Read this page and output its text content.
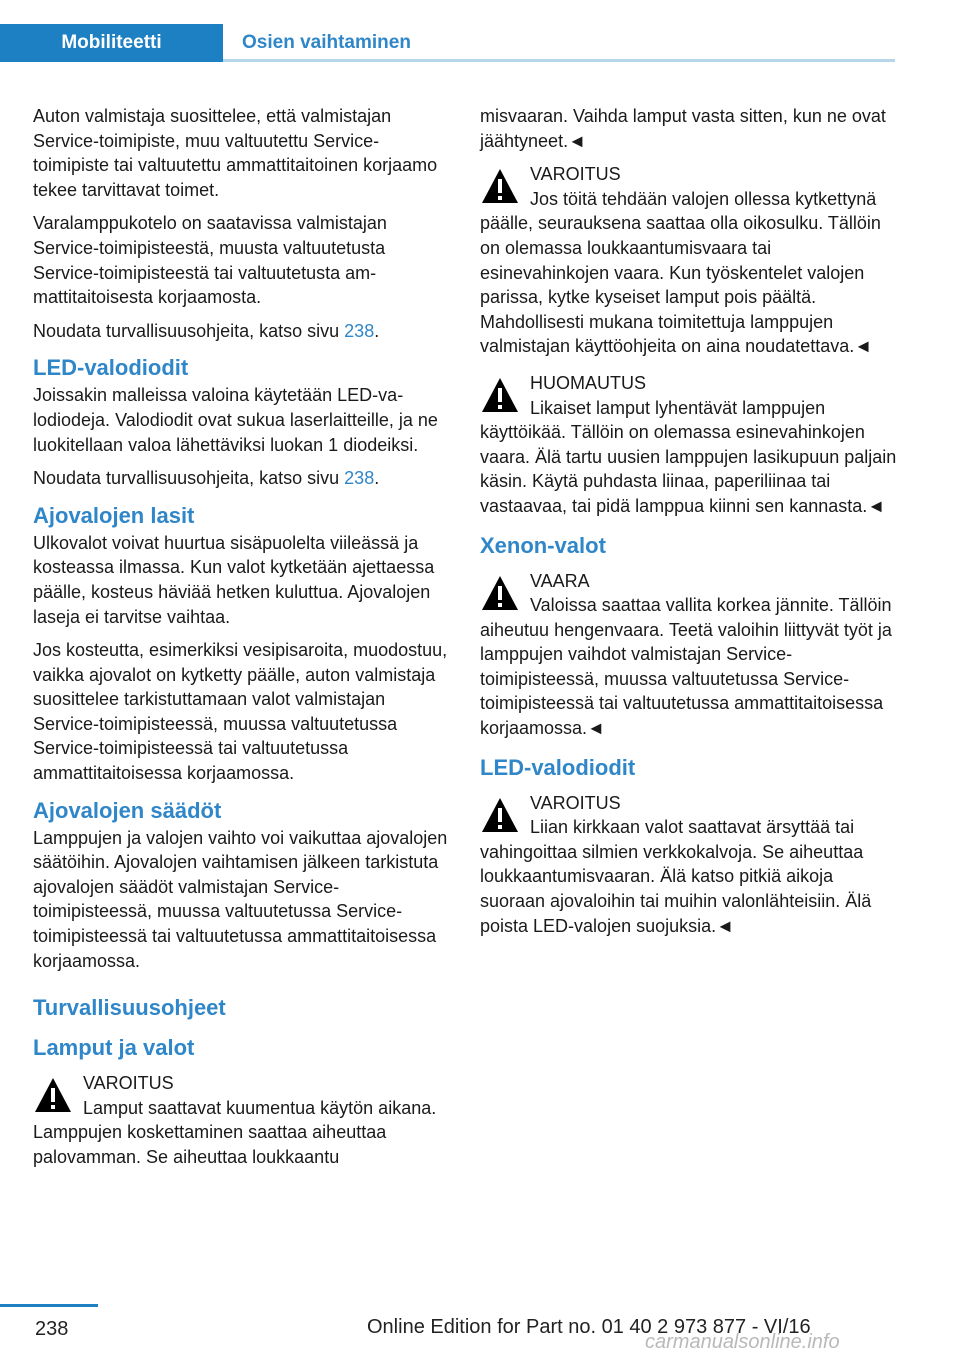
Mobiliteetti	Osien vaihtaminen

Auton valmistaja suosittelee, että valmistajan Service-toimipiste, muu valtuutettu Service-toimipiste tai valtuutettu ammattitaitoinen korjaamo tekee tarvittavat toimet.

Varalamppukotelo on saatavissa valmistajan Service-toimipisteestä, muusta valtuutetusta Service-toimipisteestä tai valtuutetusta ammattitaitoisesta korjaamosta.

Noudata turvallisuusohjeita, katso sivu 238.

LED-valodiodit

Joissakin malleissa valoina käytetään LED-valodiodeja. Valodiodit ovat sukua laserlaitteille, ja ne luokitellaan valoa lähettäviksi luokan 1 diodeiksi.

Noudata turvallisuusohjeita, katso sivu 238.

Ajovalojen lasit

Ulkovalot voivat huurtua sisäpuolelta viileässä ja kosteassa ilmassa. Kun valot kytketään ajettaessa päälle, kosteus häviää hetken kuluttua. Ajovalojen laseja ei tarvitse vaihtaa.

Jos kosteutta, esimerkiksi vesipisaroita, muodostuu, vaikka ajovalot on kytketty päälle, auton valmistaja suosittelee tarkistuttamaan valot valmistajan Service-toimipisteessä, muussa valtuutetussa Service-toimipisteessä tai valtuutetussa ammattitaitoisessa korjaamossa.

Ajovalojen säädöt

Lamppujen ja valojen vaihto voi vaikuttaa ajovalojen säätöihin. Ajovalojen vaihtamisen jälkeen tarkistuta ajovalojen säädöt valmistajan Service-toimipisteessä, muussa valtuutetussa Service-toimipisteessä tai valtuutetussa ammattitaitoisessa korjaamossa.

Turvallisuusohjeet
Lamput ja valot
VAROITUS
Lamput saattavat kuumentua käytön aikana. Lamppujen koskettaminen saattaa aiheuttaa palovamman. Se aiheuttaa loukkaantu

misvaaran. Vaihda lamput vasta sitten, kun ne ovat jäähtyneet.◄

VAROITUS
Jos töitä tehdään valojen ollessa kytkettynä päälle, seurauksena saattaa olla oikosulku. Tällöin on olemassa loukkaantumisvaara tai esinevahinkojen vaara. Kun työskentelet valojen parissa, kytke kyseiset lamput pois päältä. Mahdollisesti mukana toimitettuja lamppujen valmistajan käyttöohjeita on aina noudatettava.◄
HUOMAUTUS
Likaiset lamput lyhentävät lamppujen käyttöikää. Tällöin on olemassa esinevahinkojen vaara. Älä tartu uusien lamppujen lasikupuun paljain käsin. Käytä puhdasta liinaa, paperiliinaa tai vastaavaa, tai pidä lamppua kiinni sen kannasta.◄
Xenon-valot
VAARA
Valoissa saattaa vallita korkea jännite. Tällöin aiheutuu hengenvaara. Teetä valoihin liittyvät työt ja lamppujen vaihdot valmistajan Service-toimipisteessä, muussa valtuutetussa Service-toimipisteessä tai valtuutetussa ammattitaitoisessa korjaamossa.◄
LED-valodiodit
VAROITUS
Liian kirkkaan valot saattavat ärsyttää tai vahingoittaa silmien verkkokalvoja. Se aiheuttaa loukkaantumisvaaran. Älä katso pitkiä aikoja suoraan ajovaloihin tai muihin valonlähteisiin. Älä poista LED-valojen suojuksia.◄
238	Online Edition for Part no. 01 40 2 973 877 - VI/16
carmanualsonline.info
